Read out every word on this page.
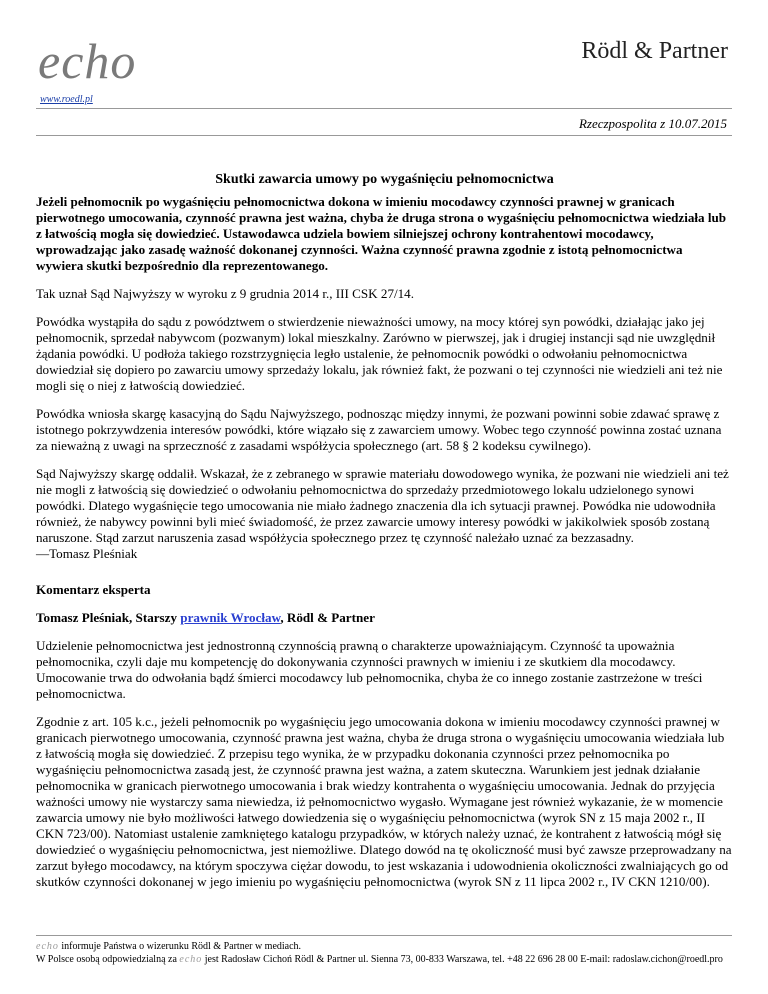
echo
www.roedl.pl
Rödl & Partner
Rzeczpospolita z 10.07.2015

Skutki zawarcia umowy po wygaśnięciu pełnomocnictwa

Jeżeli pełnomocnik po wygaśnięciu pełnomocnictwa dokona w imieniu mocodawcy czynności prawnej w granicach pierwotnego umocowania, czynność prawna jest ważna, chyba że druga strona o wygaśnięciu pełnomocnictwa wiedziała lub z łatwością mogła się dowiedzieć. Ustawodawca udziela bowiem silniejszej ochrony kontrahentowi mocodawcy, wprowadzając jako zasadę ważność dokonanej czynności. Ważna czynność prawna zgodnie z istotą pełnomocnictwa wywiera skutki bezpośrednio dla reprezentowanego.

Tak uznał Sąd Najwyższy w wyroku z 9 grudnia 2014 r., III CSK 27/14.

Powódka wystąpiła do sądu z powództwem o stwierdzenie nieważności umowy, na mocy której syn powódki, działając jako jej pełnomocnik, sprzedał nabywcom (pozwanym) lokal mieszkalny. Zarówno w pierwszej, jak i drugiej instancji sąd nie uwzględnił żądania powódki. U podłoża takiego rozstrzygnięcia legło ustalenie, że pełnomocnik powódki o odwołaniu pełnomocnictwa dowiedział się dopiero po zawarciu umowy sprzedaży lokalu, jak również fakt, że pozwani o tej czynności nie wiedzieli ani też nie mogli się o niej z łatwością dowiedzieć.

Powódka wniosła skargę kasacyjną do Sądu Najwyższego, podnosząc między innymi, że pozwani powinni sobie zdawać sprawę z istotnego pokrzywdzenia interesów powódki, które wiązało się z zawarciem umowy. Wobec tego czynność powinna zostać uznana za nieważną z uwagi na sprzeczność z zasadami współżycia społecznego (art. 58 § 2 kodeksu cywilnego).

Sąd Najwyższy skargę oddalił. Wskazał, że z zebranego w sprawie materiału dowodowego wynika, że pozwani nie wiedzieli ani też nie mogli z łatwością się dowiedzieć o odwołaniu pełnomocnictwa do sprzedaży przedmiotowego lokalu udzielonego synowi powódki. Dlatego wygaśnięcie tego umocowania nie miało żadnego znaczenia dla ich sytuacji prawnej. Powódka nie udowodniła również, że nabywcy powinni byli mieć świadomość, że przez zawarcie umowy interesy powódki w jakikolwiek sposób zostaną naruszone. Stąd zarzut naruszenia zasad współżycia społecznego przez tę czynność należało uznać za bezzasadny.
—Tomasz Pleśniak

Komentarz eksperta

Tomasz Pleśniak, Starszy prawnik Wrocław, Rödl & Partner

Udzielenie pełnomocnictwa jest jednostronną czynnością prawną o charakterze upoważniającym. Czynność ta upoważnia pełnomocnika, czyli daje mu kompetencję do dokonywania czynności prawnych w imieniu i ze skutkiem dla mocodawcy. Umocowanie trwa do odwołania bądź śmierci mocodawcy lub pełnomocnika, chyba że co innego zostanie zastrzeżone w treści pełnomocnictwa.

Zgodnie z art. 105 k.c., jeżeli pełnomocnik po wygaśnięciu jego umocowania dokona w imieniu mocodawcy czynności prawnej w granicach pierwotnego umocowania, czynność prawna jest ważna, chyba że druga strona o wygaśnięciu umocowania wiedziała lub z łatwością mogła się dowiedzieć. Z przepisu tego wynika, że w przypadku dokonania czynności przez pełnomocnika po wygaśnięciu pełnomocnictwa zasadą jest, że czynność prawna jest ważna, a zatem skuteczna. Warunkiem jest jednak działanie pełnomocnika w granicach pierwotnego umocowania i brak wiedzy kontrahenta o wygaśnięciu umocowania. Jednak do przyjęcia ważności umowy nie wystarczy sama niewiedza, iż pełnomocnictwo wygasło. Wymagane jest również wykazanie, że w momencie zawarcia umowy nie było możliwości łatwego dowiedzenia się o wygaśnięciu pełnomocnictwa (wyrok SN z 15 maja 2002 r., II CKN 723/00). Natomiast ustalenie zamkniętego katalogu przypadków, w których należy uznać, że kontrahent z łatwością mógł się dowiedzieć o wygaśnięciu pełnomocnictwa, jest niemożliwe. Dlatego dowód na tę okoliczność musi być zawsze przeprowadzany na zarzut byłego mocodawcy, na którym spoczywa ciężar dowodu, to jest wskazania i udowodnienia okoliczności zwalniających go od skutków czynności dokonanej w jego imieniu po wygaśnięciu pełnomocnictwa (wyrok SN z 11 lipca 2002 r., IV CKN 1210/00).

echo informuje Państwa o wizerunku Rödl & Partner w mediach.
W Polsce osobą odpowiedzialną za echo jest Radosław Cichoń Rödl & Partner ul. Sienna 73, 00-833 Warszawa, tel. +48 22 696 28 00 E-mail: radoslaw.cichon@roedl.pro
